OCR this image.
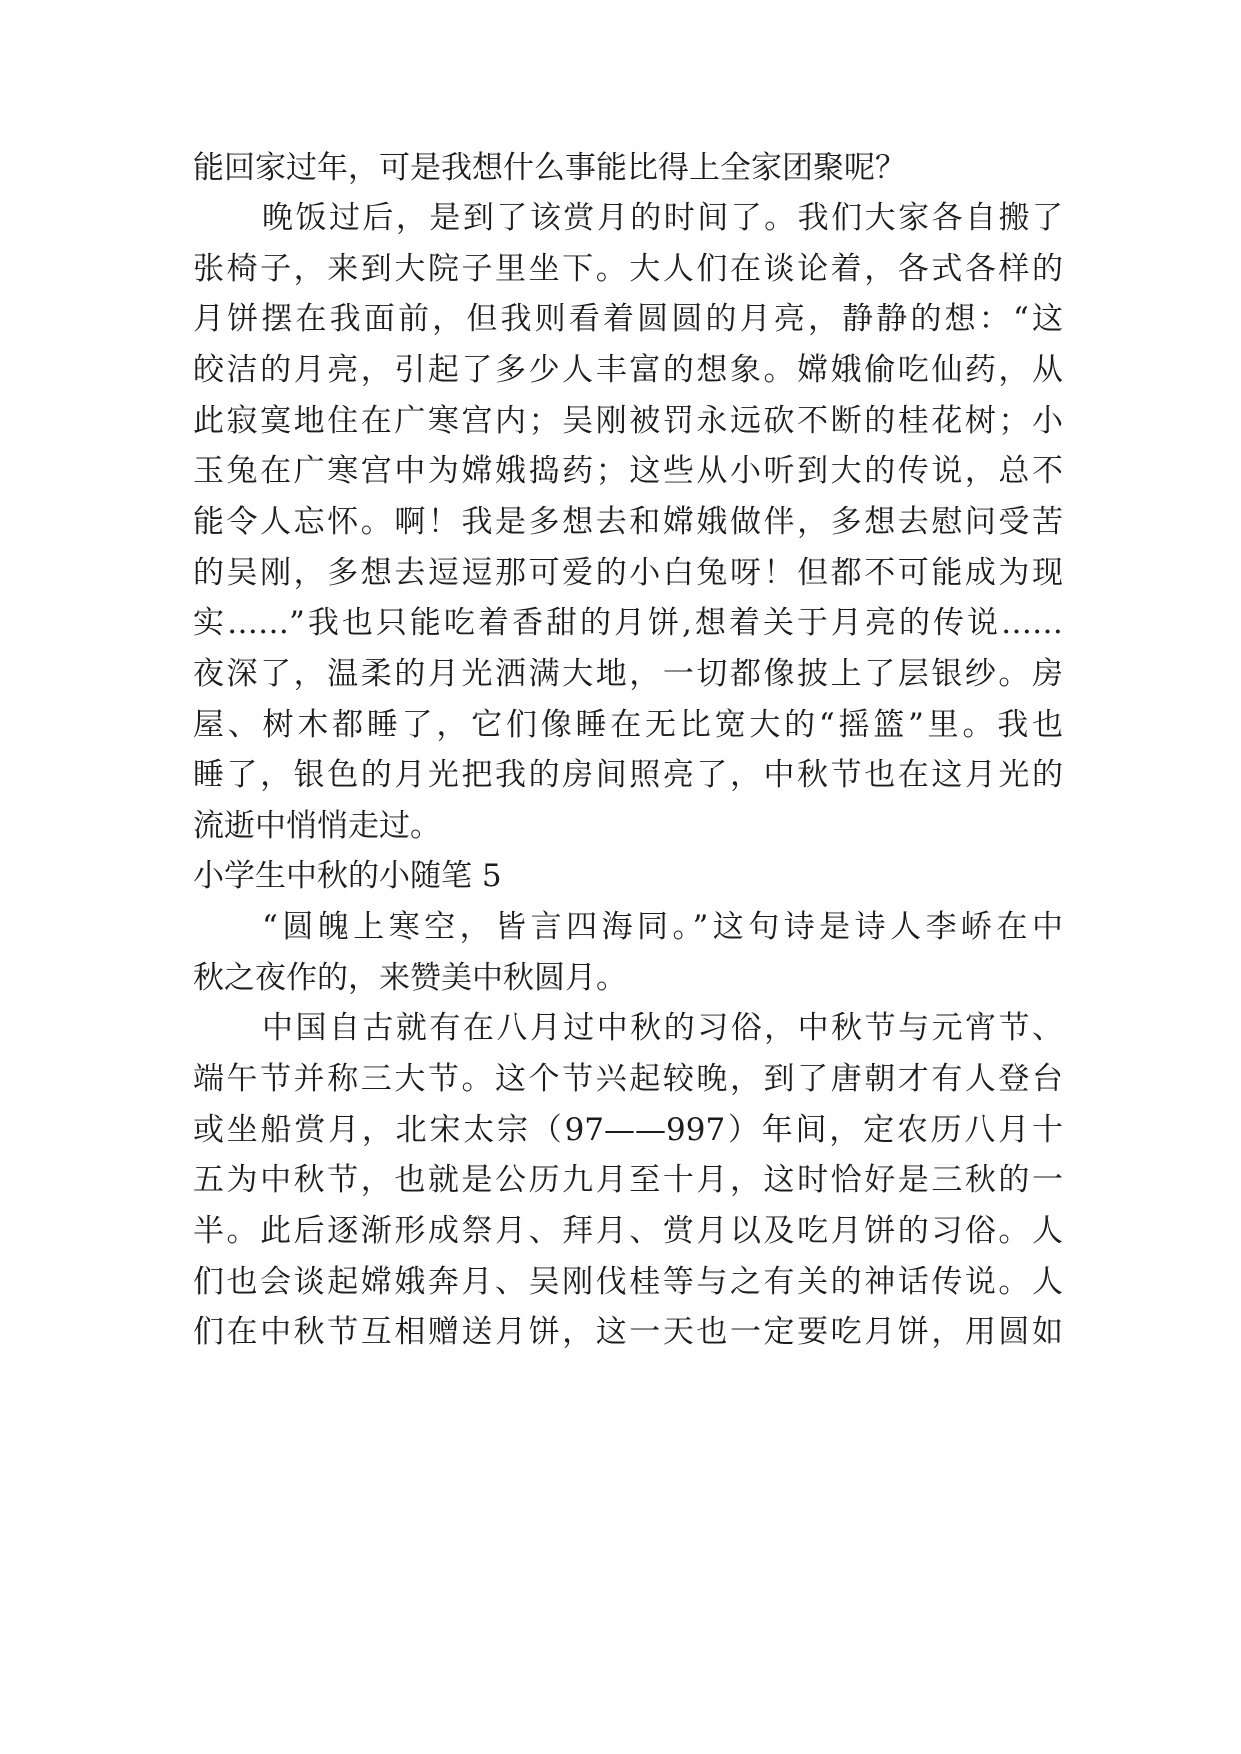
能回家过年，可是我想什么事能比得上全家团聚呢？

晚饭过后，是到了该赏月的时间了。我们大家各自搬了

张椅子，来到大院子里坐下。大人们在谈论着，各式各样的

月饼摆在我面前，但我则看着圆圆的月亮，静静的想：“这

皎洁的月亮，引起了多少人丰富的想象。嫦娥偷吃仙药，从

此寂寞地住在广寒宫内；吴刚被罚永远砍不断的桂花树；小

玉兔在广寒宫中为嫦娥捣药；这些从小听到大的传说，总不

能令人忘怀。啊！我是多想去和嫦娥做伴，多想去慰问受苦

的吴刚，多想去逗逗那可爱的小白兔呀！但都不可能成为现

实……”我也只能吃着香甜的月饼,想着关于月亮的传说……

夜深了，温柔的月光洒满大地，一切都像披上了层银纱。房

屋、树木都睡了，它们像睡在无比宽大的“摇篮”里。我也

睡了，银色的月光把我的房间照亮了，中秋节也在这月光的

流逝中悄悄走过。

小学生中秋的小随笔 5

“圆魄上寒空，皆言四海同。”这句诗是诗人李峤在中

秋之夜作的，来赞美中秋圆月。

中国自古就有在八月过中秋的习俗，中秋节与元宵节、

端午节并称三大节。这个节兴起较晚，到了唐朝才有人登台

或坐船赏月，北宋太宗（97——997）年间，定农历八月十

五为中秋节，也就是公历九月至十月，这时恰好是三秋的一

半。此后逐渐形成祭月、拜月、赏月以及吃月饼的习俗。人

们也会谈起嫦娥奔月、吴刚伐桂等与之有关的神话传说。人

们在中秋节互相赠送月饼，这一天也一定要吃月饼，用圆如
